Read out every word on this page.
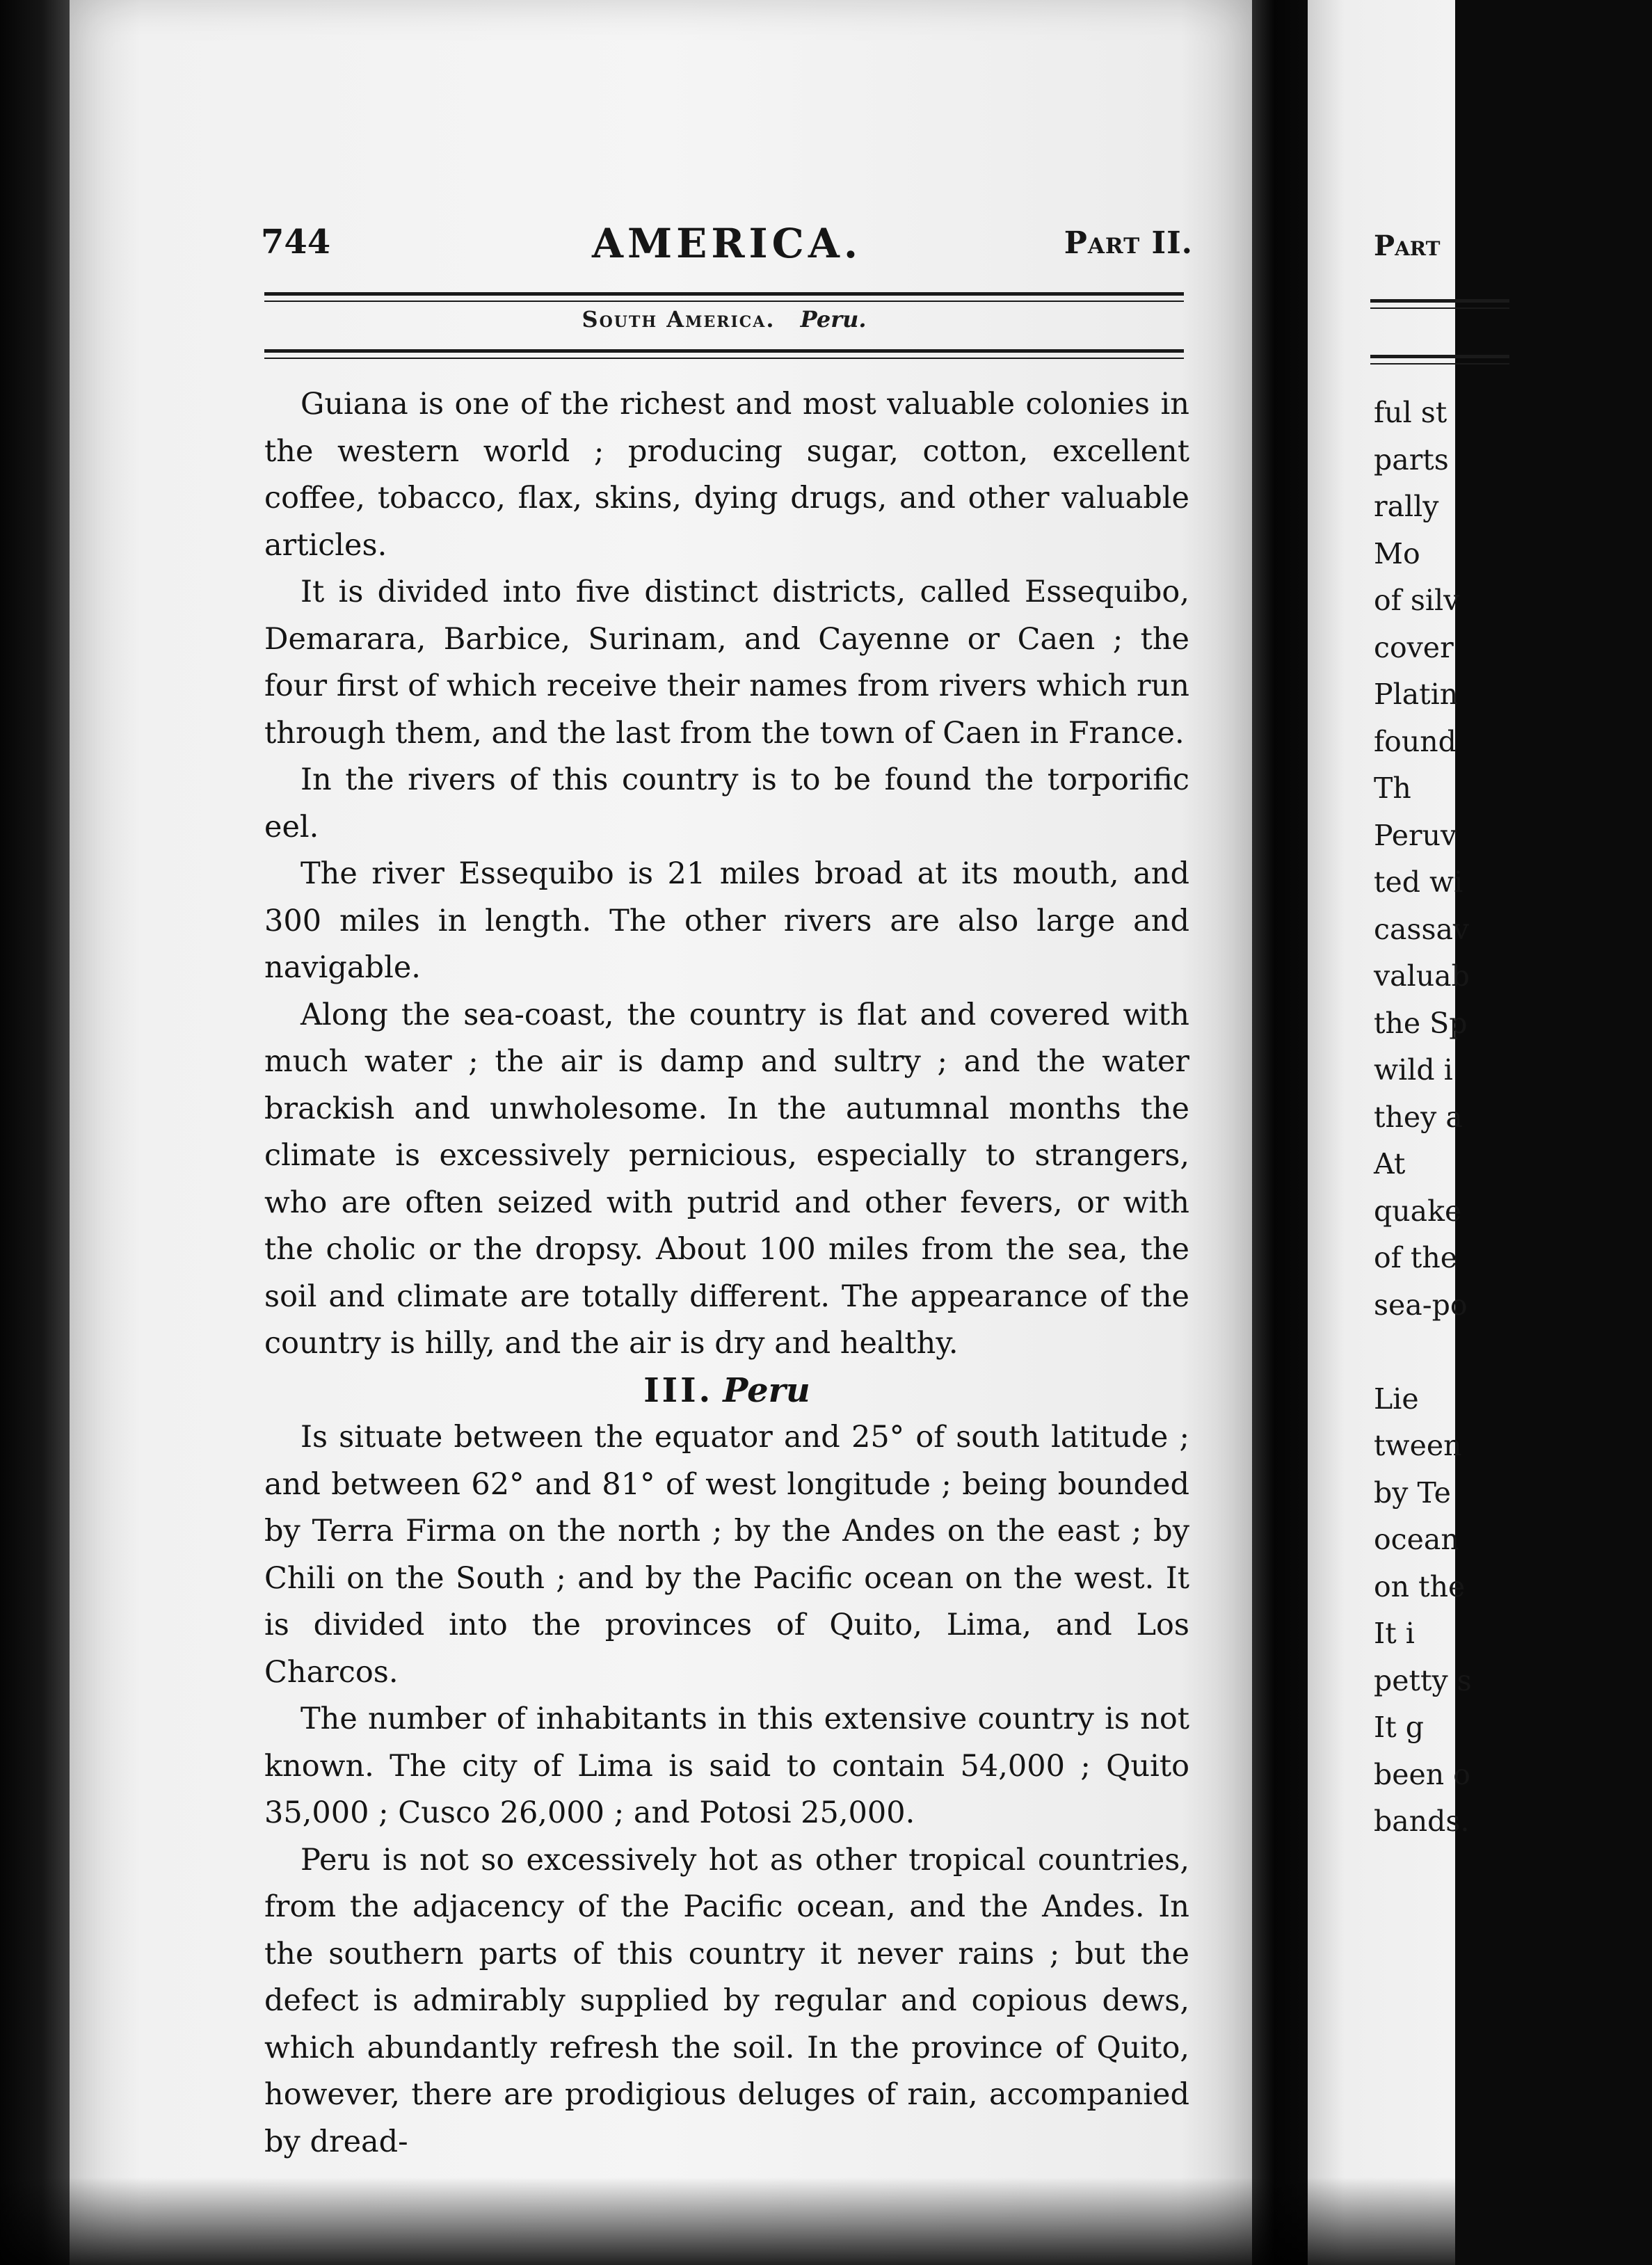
744	AMERICA.	Part II.
South America. Peru.

Guiana is one of the richest and most valuable colonies in the western world ; producing sugar, cotton, excellent coffee, tobacco, flax, skins, dying drugs, and other valuable articles.

It is divided into five distinct districts, called Essequibo, Demarara, Barbice, Surinam, and Cayenne or Caen ; the four first of which receive their names from rivers which run through them, and the last from the town of Caen in France.

In the rivers of this country is to be found the torporific eel.

The river Essequibo is 21 miles broad at its mouth, and 300 miles in length. The other rivers are also large and navigable.

Along the sea-coast, the country is flat and covered with much water ; the air is damp and sultry ; and the water brackish and unwholesome. In the autumnal months the climate is excessively pernicious, especially to strangers, who are often seized with putrid and other fevers, or with the cholic or the dropsy. About 100 miles from the sea, the soil and climate are totally different. The appearance of the country is hilly, and the air is dry and healthy.

III. Peru

Is situate between the equator and 25° of south latitude ; and between 62° and 81° of west longitude ; being bounded by Terra Firma on the north ; by the Andes on the east ; by Chili on the South ; and by the Pacific ocean on the west. It is divided into the provinces of Quito, Lima, and Los Charcos.

The number of inhabitants in this extensive country is not known. The city of Lima is said to contain 54,000 ; Quito 35,000 ; Cusco 26,000 ; and Potosi 25,000.

Peru is not so excessively hot as other tropical countries, from the adjacency of the Pacific ocean, and the Andes. In the southern parts of this country it never rains ; but the defect is admirably supplied by regular and copious dews, which abundantly refresh the soil. In the province of Quito, however, there are prodigious deluges of rain, accompanied by dread-

Part
ful st
parts
rally
Mo
of silv
cover
Platin
found
Th
Peruv
ted wi
cassav
valuab
the Sp
wild i
they a
At
quake
of the
sea-po
Lie
tween
by Te
ocean
on the
It i
petty s
It g
been o
bands.
